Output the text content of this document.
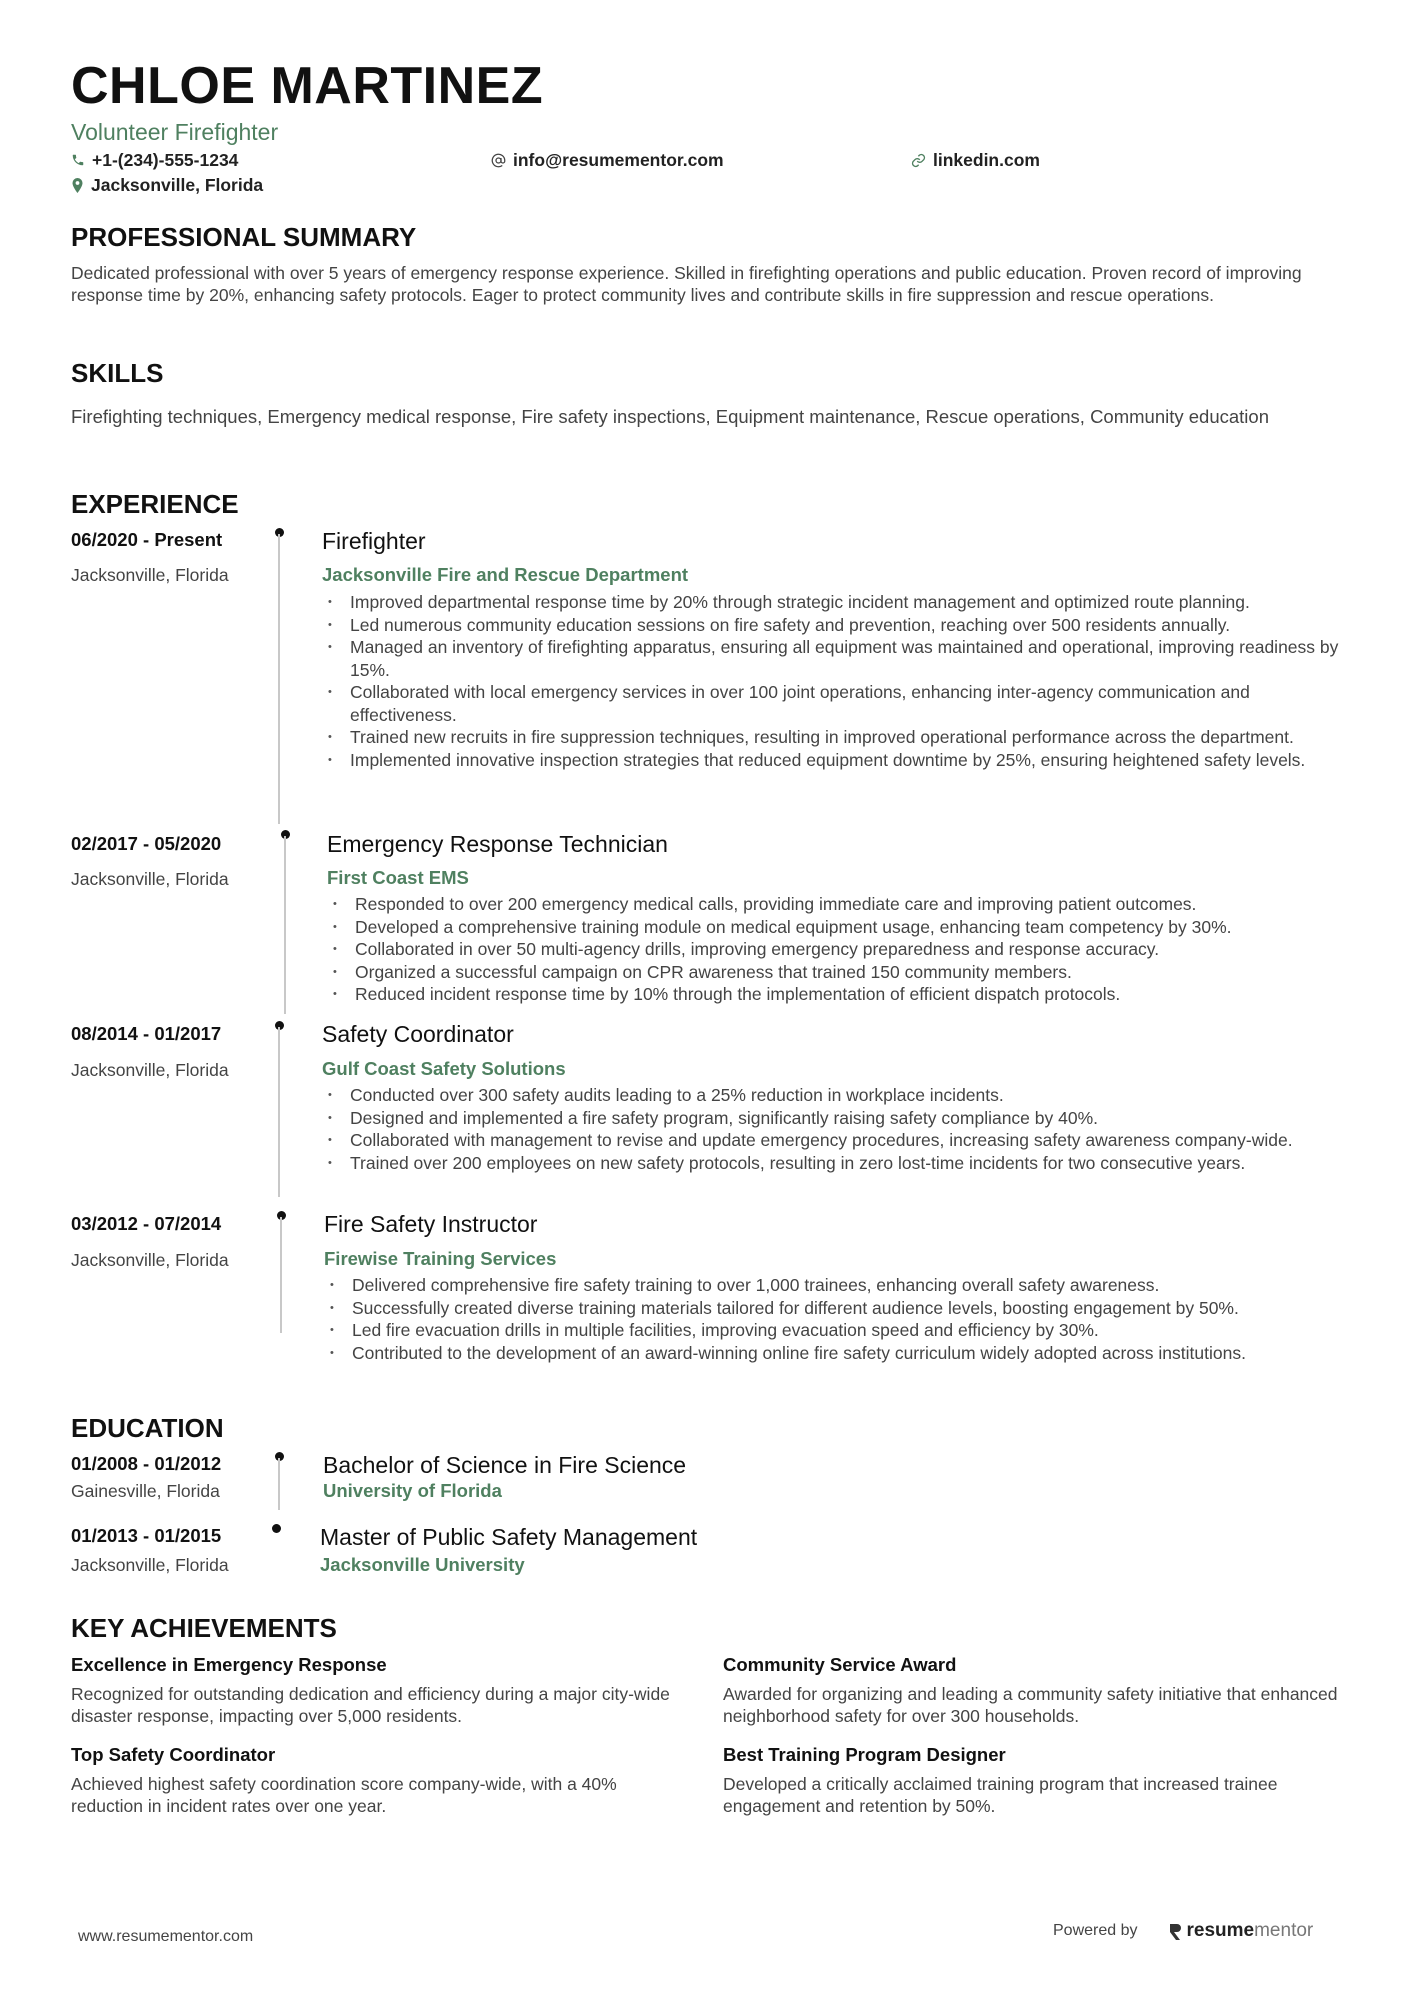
CHLOE MARTINEZ
Volunteer Firefighter
+1-(234)-555-1234	info@resumementor.com	linkedin.com
Jacksonville, Florida
PROFESSIONAL SUMMARY
Dedicated professional with over 5 years of emergency response experience. Skilled in firefighting operations and public education. Proven record of improving response time by 20%, enhancing safety protocols. Eager to protect community lives and contribute skills in fire suppression and rescue operations.
SKILLS
Firefighting techniques, Emergency medical response, Fire safety inspections, Equipment maintenance, Rescue operations, Community education
EXPERIENCE
06/2020 - Present
Jacksonville, Florida
Firefighter
Jacksonville Fire and Rescue Department
• Improved departmental response time by 20% through strategic incident management and optimized route planning.
• Led numerous community education sessions on fire safety and prevention, reaching over 500 residents annually.
• Managed an inventory of firefighting apparatus, ensuring all equipment was maintained and operational, improving readiness by 15%.
• Collaborated with local emergency services in over 100 joint operations, enhancing inter-agency communication and effectiveness.
• Trained new recruits in fire suppression techniques, resulting in improved operational performance across the department.
• Implemented innovative inspection strategies that reduced equipment downtime by 25%, ensuring heightened safety levels.
02/2017 - 05/2020
Jacksonville, Florida
Emergency Response Technician
First Coast EMS
• Responded to over 200 emergency medical calls, providing immediate care and improving patient outcomes.
• Developed a comprehensive training module on medical equipment usage, enhancing team competency by 30%.
• Collaborated in over 50 multi-agency drills, improving emergency preparedness and response accuracy.
• Organized a successful campaign on CPR awareness that trained 150 community members.
• Reduced incident response time by 10% through the implementation of efficient dispatch protocols.
08/2014 - 01/2017
Jacksonville, Florida
Safety Coordinator
Gulf Coast Safety Solutions
• Conducted over 300 safety audits leading to a 25% reduction in workplace incidents.
• Designed and implemented a fire safety program, significantly raising safety compliance by 40%.
• Collaborated with management to revise and update emergency procedures, increasing safety awareness company-wide.
• Trained over 200 employees on new safety protocols, resulting in zero lost-time incidents for two consecutive years.
03/2012 - 07/2014
Jacksonville, Florida
Fire Safety Instructor
Firewise Training Services
• Delivered comprehensive fire safety training to over 1,000 trainees, enhancing overall safety awareness.
• Successfully created diverse training materials tailored for different audience levels, boosting engagement by 50%.
• Led fire evacuation drills in multiple facilities, improving evacuation speed and efficiency by 30%.
• Contributed to the development of an award-winning online fire safety curriculum widely adopted across institutions.
EDUCATION
01/2008 - 01/2012
Gainesville, Florida
Bachelor of Science in Fire Science
University of Florida
01/2013 - 01/2015
Jacksonville, Florida
Master of Public Safety Management
Jacksonville University
KEY ACHIEVEMENTS
Excellence in Emergency Response
Recognized for outstanding dedication and efficiency during a major city-wide disaster response, impacting over 5,000 residents.
Community Service Award
Awarded for organizing and leading a community safety initiative that enhanced neighborhood safety for over 300 households.
Top Safety Coordinator
Achieved highest safety coordination score company-wide, with a 40% reduction in incident rates over one year.
Best Training Program Designer
Developed a critically acclaimed training program that increased trainee engagement and retention by 50%.
www.resumementor.com	Powered by	resume mentor
